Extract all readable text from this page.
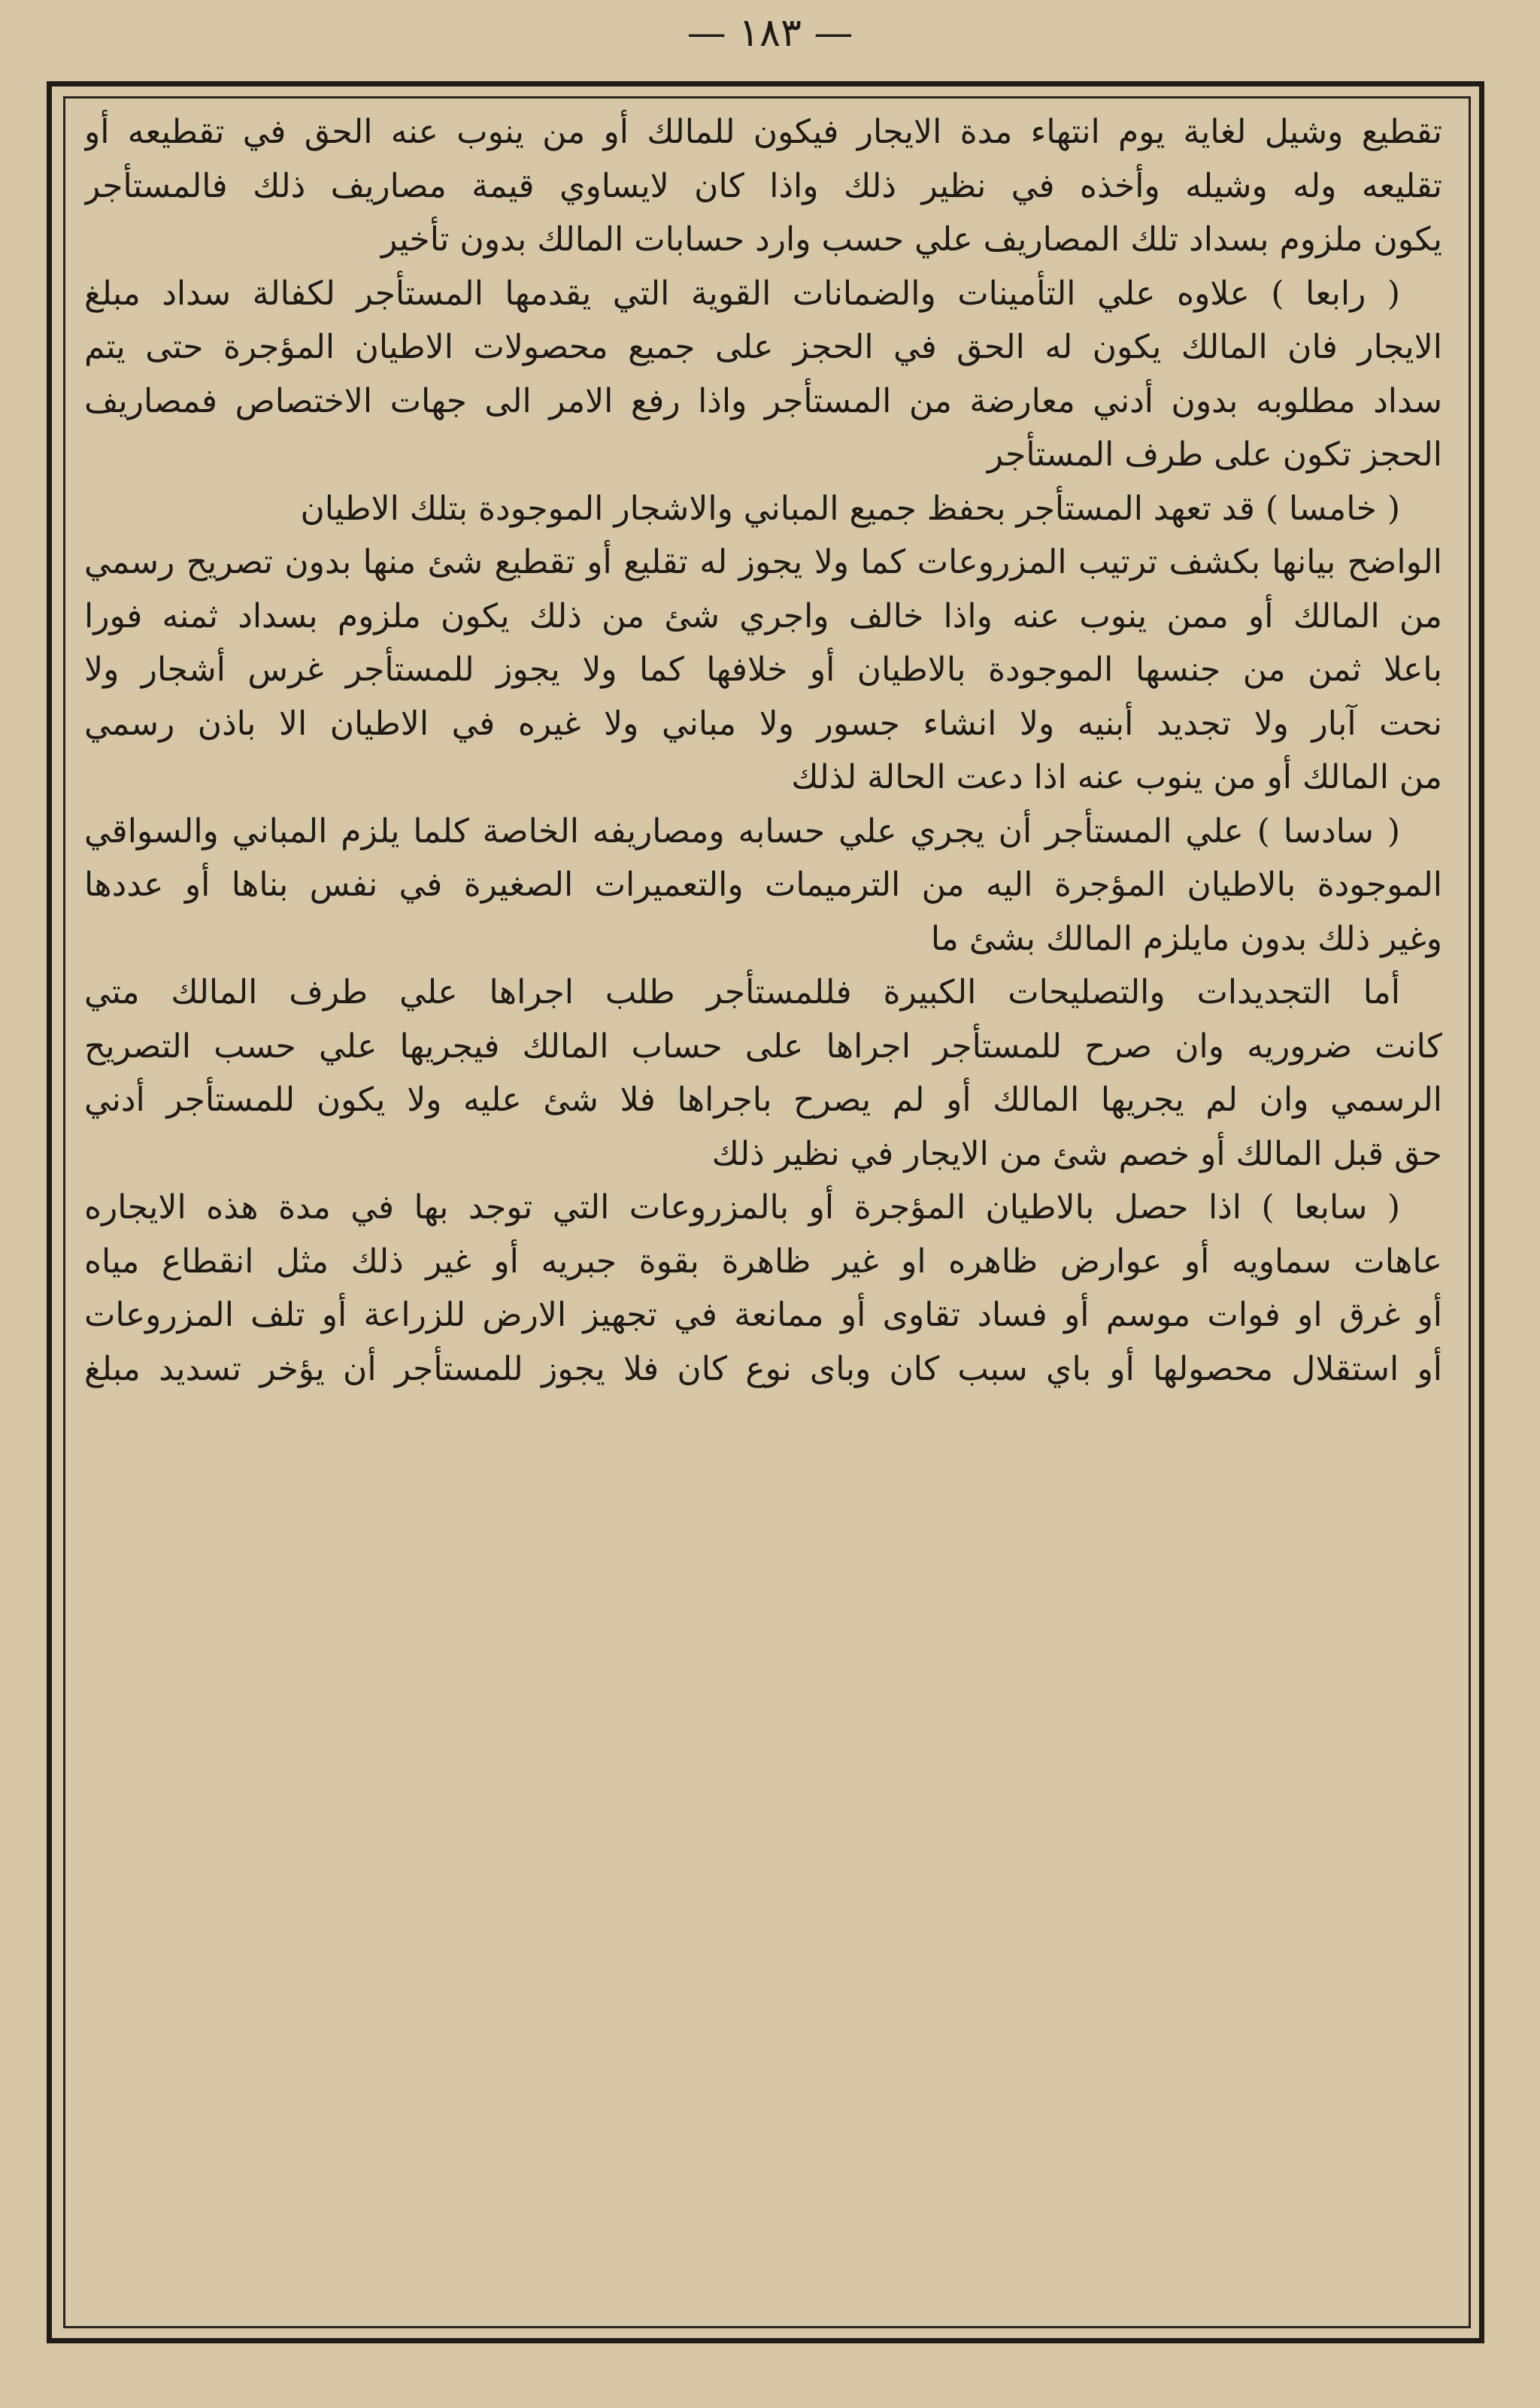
— ١٨٣ —
تقطيع وشيل لغاية يوم انتهاء مدة الايجار فيكون للمالك أو من ينوب عنه الحق في تقطيعه أو
تقليعه وله وشيله وأخذه في نظير ذلك واذا كان لايساوي قيمة مصاريف ذلك فالمستأجر
يكون ملزوم بسداد تلك المصاريف علي حسب وارد حسابات المالك بدون تأخير
( رابعا ) علاوه علي التأمينات والضمانات القوية التي يقدمها المستأجر لكفالة سداد مبلغ
الايجار فان المالك يكون له الحق في الحجز على جميع محصولات الاطيان المؤجرة حتى يتم
سداد مطلوبه بدون أدني معارضة من المستأجر واذا رفع الامر الى جهات الاختصاص فمصاريف
الحجز تكون على طرف المستأجر
( خامسا ) قد تعهد المستأجر بحفظ جميع المباني والاشجار الموجودة بتلك الاطيان
الواضح بيانها بكشف ترتيب المزروعات كما ولا يجوز له تقليع أو تقطيع شئ منها بدون تصريح رسمي
من المالك أو ممن ينوب عنه واذا خالف واجري شئ من ذلك يكون ملزوم بسداد ثمنه فورا
باعلا ثمن من جنسها الموجودة بالاطيان أو خلافها كما ولا يجوز للمستأجر غرس أشجار ولا
نحت آبار ولا تجديد أبنيه ولا انشاء جسور ولا مباني ولا غيره في الاطيان الا باذن رسمي
من المالك أو من ينوب عنه اذا دعت الحالة لذلك
( سادسا ) علي المستأجر أن يجري علي حسابه ومصاريفه الخاصة كلما يلزم المباني والسواقي
الموجودة بالاطيان المؤجرة اليه من الترميمات والتعميرات الصغيرة في نفس بناها أو عددها
وغير ذلك بدون مايلزم المالك بشئ ما
أما التجديدات والتصليحات الكبيرة فللمستأجر طلب اجراها علي طرف المالك متي
كانت ضروريه وان صرح للمستأجر اجراها على حساب المالك فيجريها علي حسب التصريح
الرسمي وان لم يجريها المالك أو لم يصرح باجراها فلا شئ عليه ولا يكون للمستأجر أدني
حق قبل المالك أو خصم شئ من الايجار في نظير ذلك
( سابعا ) اذا حصل بالاطيان المؤجرة أو بالمزروعات التي توجد بها في مدة هذه الايجاره
عاهات سماويه أو عوارض ظاهره او غير ظاهرة بقوة جبريه أو غير ذلك مثل انقطاع مياه
أو غرق او فوات موسم أو فساد تقاوى أو ممانعة في تجهيز الارض للزراعة أو تلف المزروعات
أو استقلال محصولها أو باي سبب كان وباى نوع كان فلا يجوز للمستأجر أن يؤخر تسديد مبلغ
